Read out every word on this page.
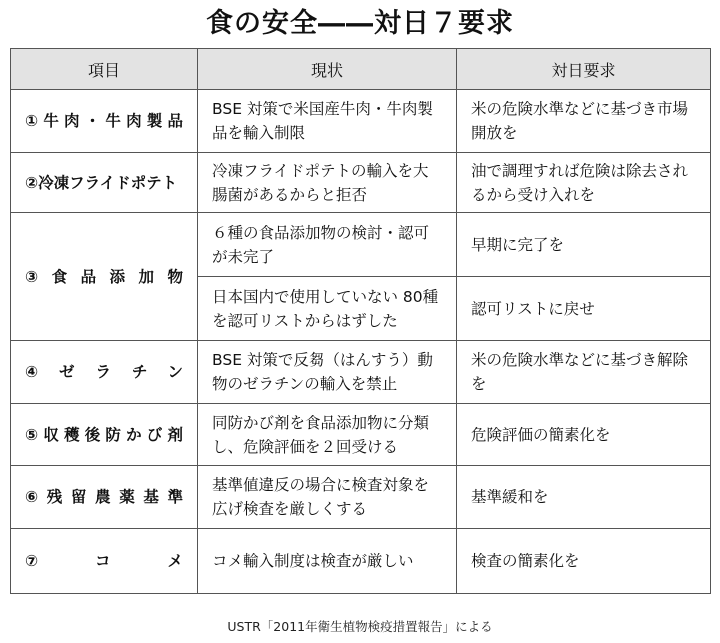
食の安全――対日７要求
項目	現状	対日要求
①牛肉・牛肉製品	BSE 対策で米国産牛肉・牛肉製品を輸入制限	米の危険水準などに基づき市場開放を
②冷凍フライドポテト	冷凍フライドポテトの輸入を大腸菌があるからと拒否	油で調理すれば危険は除去されるから受け入れを
③食品添加物	６種の食品添加物の検討・認可が未完了	早期に完了を
	日本国内で使用していない 80種を認可リストからはずした	認可リストに戻せ
④ゼラチン	BSE 対策で反芻（はんすう）動物のゼラチンの輸入を禁止	米の危険水準などに基づき解除を
⑤収穫後防かび剤	同防かび剤を食品添加物に分類し、危険評価を２回受ける	危険評価の簡素化を
⑥残留農薬基準	基準値違反の場合に検査対象を広げ検査を厳しくする	基準緩和を
⑦コメ	コメ輸入制度は検査が厳しい	検査の簡素化を
USTR「2011年衛生植物検疫措置報告」による
